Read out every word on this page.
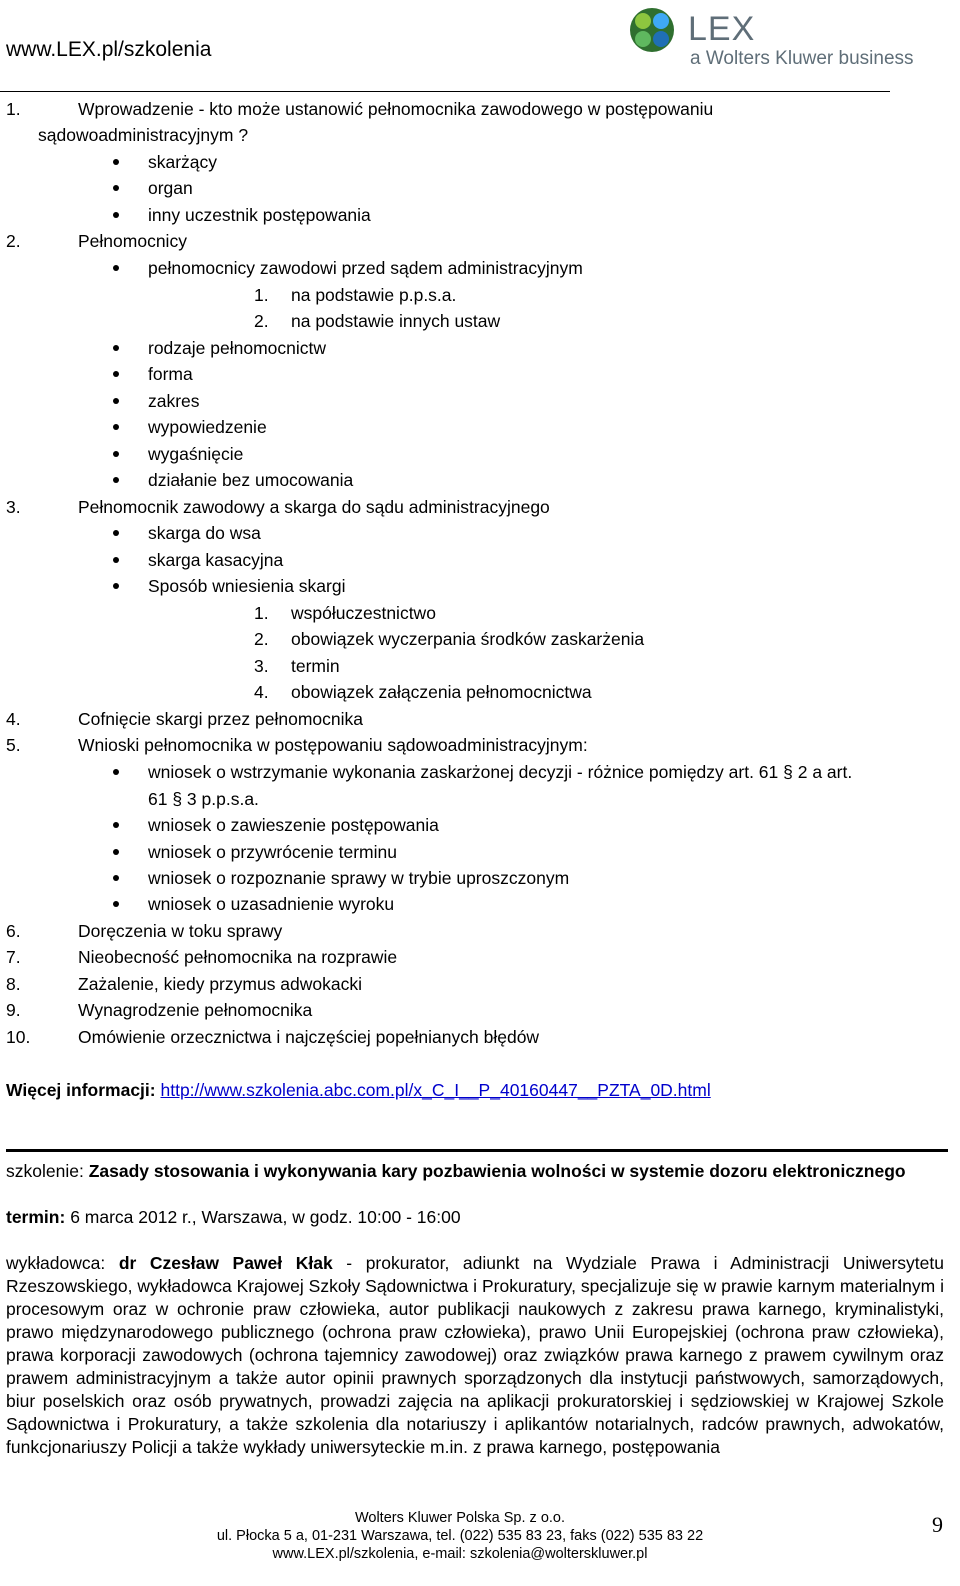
www.LEX.pl/szkolenia
LEX
a Wolters Kluwer business
1.	Wprowadzenie - kto może ustanowić pełnomocnika zawodowego w postępowaniu
sądowoadministracyjnym ?
skarżący
organ
inny uczestnik postępowania
2.	Pełnomocnicy
pełnomocnicy zawodowi przed sądem administracyjnym
1. na podstawie p.p.s.a.
2. na podstawie innych ustaw
rodzaje pełnomocnictw
forma
zakres
wypowiedzenie
wygaśnięcie
działanie bez umocowania
3.	Pełnomocnik zawodowy a skarga do sądu administracyjnego
skarga do wsa
skarga kasacyjna
Sposób wniesienia skargi
1. współuczestnictwo
2. obowiązek wyczerpania środków zaskarżenia
3. termin
4. obowiązek załączenia pełnomocnictwa
4.	Cofnięcie skargi przez pełnomocnika
5.	Wnioski pełnomocnika w postępowaniu sądowoadministracyjnym:
wniosek o wstrzymanie wykonania zaskarżonej decyzji - różnice pomiędzy art. 61 § 2 a art.
61 § 3 p.p.s.a.
wniosek o zawieszenie postępowania
wniosek o przywrócenie terminu
wniosek o rozpoznanie sprawy w trybie uproszczonym
wniosek o uzasadnienie wyroku
6.	Doręczenia w toku sprawy
7.	Nieobecność pełnomocnika na rozprawie
8.	Zażalenie, kiedy przymus adwokacki
9.	Wynagrodzenie pełnomocnika
10.	Omówienie orzecznictwa i najczęściej popełnianych błędów
Więcej informacji: http://www.szkolenia.abc.com.pl/x_C_I__P_40160447__PZTA_0D.html
szkolenie: Zasady stosowania i wykonywania kary pozbawienia wolności w systemie dozoru elektronicznego
termin: 6 marca 2012 r., Warszawa, w godz. 10:00 - 16:00
wykładowca: dr Czesław Paweł Kłak - prokurator, adiunkt na Wydziale Prawa i Administracji Uniwersytetu Rzeszowskiego, wykładowca Krajowej Szkoły Sądownictwa i Prokuratury, specjalizuje się w prawie karnym materialnym i procesowym oraz w ochronie praw człowieka, autor publikacji naukowych z zakresu prawa karnego, kryminalistyki, prawo międzynarodowego publicznego (ochrona praw człowieka), prawo Unii Europejskiej (ochrona praw człowieka), prawa korporacji zawodowych (ochrona tajemnicy zawodowej) oraz związków prawa karnego z prawem cywilnym oraz prawem administracyjnym a także autor opinii prawnych sporządzonych dla instytucji państwowych, samorządowych, biur poselskich oraz osób prywatnych, prowadzi zajęcia na aplikacji prokuratorskiej i sędziowskiej w Krajowej Szkole Sądownictwa i Prokuratury, a także szkolenia dla notariuszy i aplikantów notarialnych, radców prawnych, adwokatów, funkcjonariuszy Policji a także wykłady uniwersyteckie m.in. z prawa karnego, postępowania
Wolters Kluwer Polska Sp. z o.o.
ul. Płocka 5 a, 01-231 Warszawa, tel. (022) 535 83 23, faks (022) 535 83 22
www.LEX.pl/szkolenia, e-mail: szkolenia@wolterskluwer.pl
9
